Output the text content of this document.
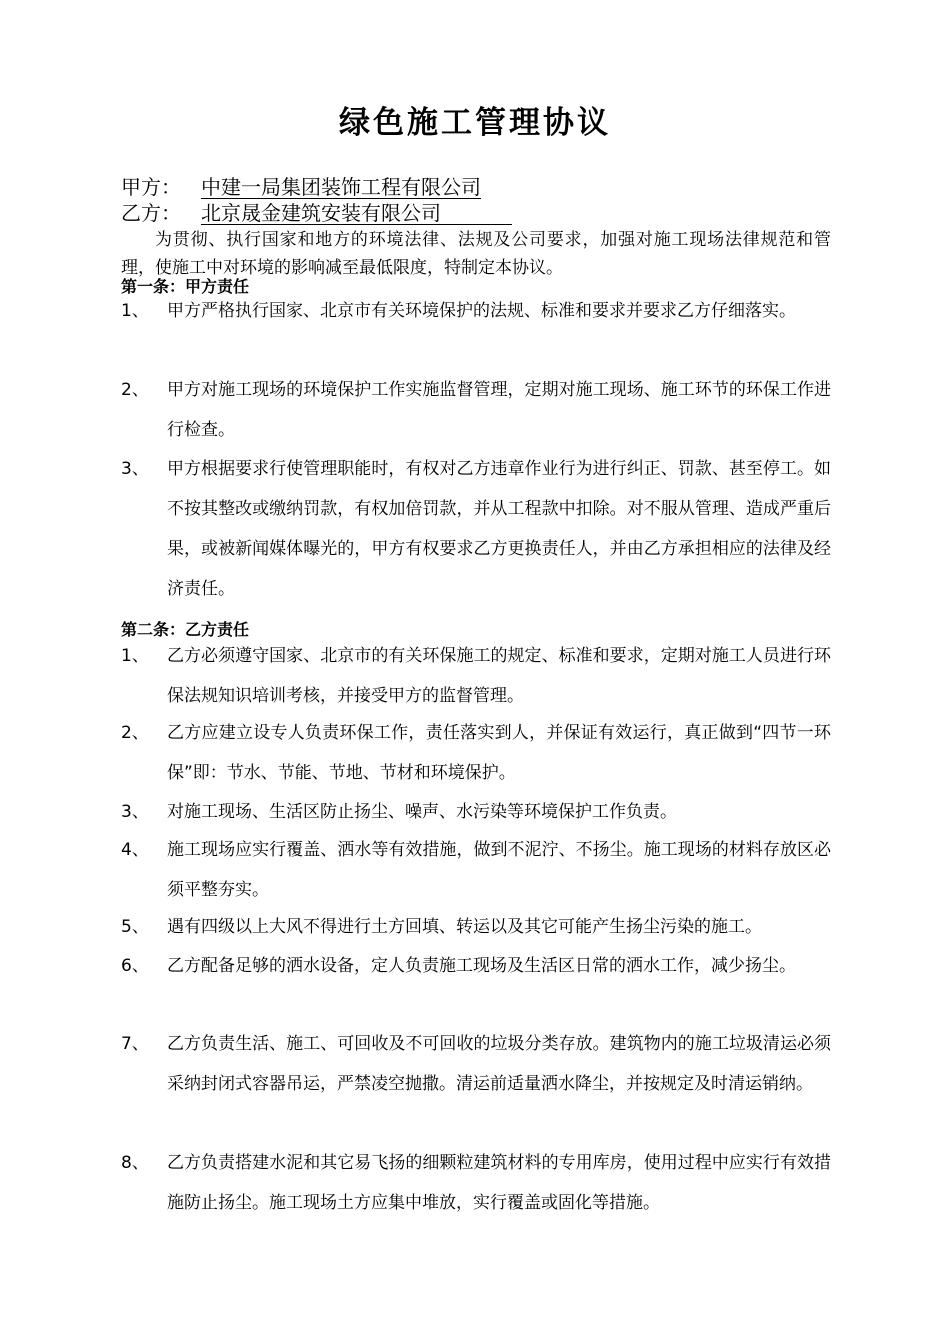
绿色施工管理协议
甲方： 中建一局集团装饰工程有限公司
乙方： 北京晟金建筑安装有限公司
为贯彻、执行国家和地方的环境法律、法规及公司要求，加强对施工现场法律规范和管理，使施工中对环境的影响减至最低限度，特制定本协议。
第一条：甲方责任
1、	甲方严格执行国家、北京市有关环境保护的法规、标准和要求并要求乙方仔细落实。
2、	甲方对施工现场的环境保护工作实施监督管理，定期对施工现场、施工环节的环保工作进行检查。
3、	甲方根据要求行使管理职能时，有权对乙方违章作业行为进行纠正、罚款、甚至停工。如不按其整改或缴纳罚款，有权加倍罚款，并从工程款中扣除。对不服从管理、造成严重后果，或被新闻媒体曝光的，甲方有权要求乙方更换责任人，并由乙方承担相应的法律及经济责任。
第二条：乙方责任
1、	乙方必须遵守国家、北京市的有关环保施工的规定、标准和要求，定期对施工人员进行环保法规知识培训考核，并接受甲方的监督管理。
2、	乙方应建立设专人负责环保工作，责任落实到人，并保证有效运行，真正做到“四节一环保”即：节水、节能、节地、节材和环境保护。
3、	对施工现场、生活区防止扬尘、噪声、水污染等环境保护工作负责。
4、	施工现场应实行覆盖、洒水等有效措施，做到不泥泞、不扬尘。施工现场的材料存放区必须平整夯实。
5、	遇有四级以上大风不得进行土方回填、转运以及其它可能产生扬尘污染的施工。
6、	乙方配备足够的洒水设备，定人负责施工现场及生活区日常的洒水工作，减少扬尘。
7、	乙方负责生活、施工、可回收及不可回收的垃圾分类存放。建筑物内的施工垃圾清运必须采纳封闭式容器吊运，严禁凌空抛撒。清运前适量洒水降尘，并按规定及时清运销纳。
8、	乙方负责搭建水泥和其它易飞扬的细颗粒建筑材料的专用库房，使用过程中应实行有效措施防止扬尘。施工现场土方应集中堆放，实行覆盖或固化等措施。
